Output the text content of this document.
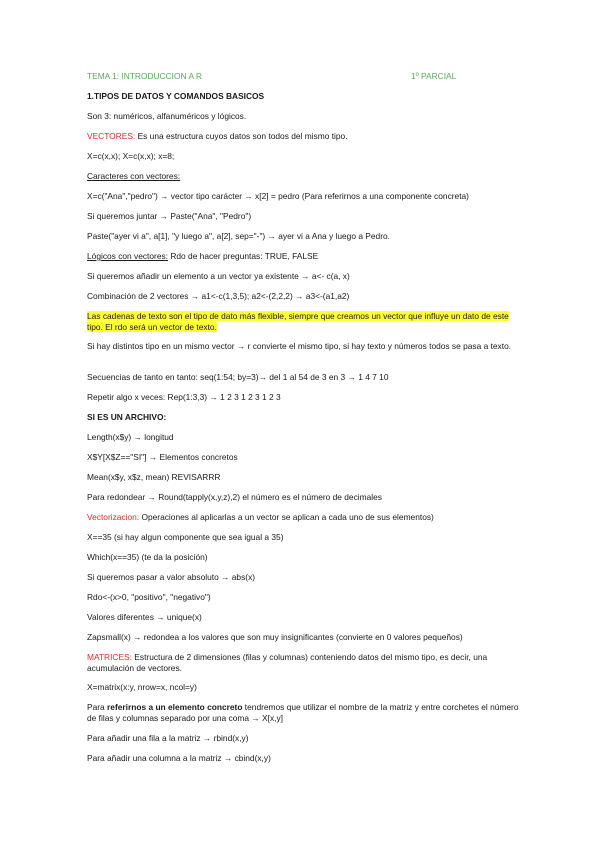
TEMA 1: INTRODUCCION A R	1º PARCIAL
1.TIPOS DE DATOS Y COMANDOS BASICOS
Son 3: numéricos, alfanuméricos y lógicos.
VECTORES: Es una estructura cuyos datos son todos del mismo tipo.
X=c(x,x); X=c(x,x); x=8;
Caracteres con vectores:
X=c("Ana","pedro") → vector tipo carácter → x[2] = pedro (Para referirnos a una componente concreta)
Si queremos juntar → Paste("Ana", "Pedro")
Paste("ayer vi a", a[1], "y luego a", a[2], sep="-") → ayer vi a Ana y luego a Pedro.
Lógicos con vectores: Rdo de hacer preguntas: TRUE, FALSE
Si queremos añadir un elemento a un vector ya existente → a<- c(a, x)
Combinación de 2 vectores → a1<-c(1,3,5); a2<-(2,2,2) → a3<-(a1,a2)
Las cadenas de texto son el tipo de dato más flexible, siempre que creamos un vector que influye un dato de este tipo. El rdo será un vector de texto.
Si hay distintos tipo en un mismo vector → r convierte el mismo tipo, si hay texto y números todos se pasa a texto.
Secuencias de tanto en tanto: seq(1:54; by=3)→ del 1 al 54 de 3 en 3 → 1 4 7 10
Repetir algo x veces: Rep(1:3,3) → 1 2 3 1 2 3 1 2 3
SI ES UN ARCHIVO:
Length(x$y) → longitud
X$Y[X$Z=="SI"] → Elementos concretos
Mean(x$y, x$z, mean) REVISARRR
Para redondear → Round(tapply(x,y,z),2) el número es el número de decimales
Vectorizacion: Operaciones al aplicarlas a un vector se aplican a cada uno de sus elementos)
X==35 (si hay algun componente que sea igual a 35)
Which(x==35) (te da la posición)
Si queremos pasar a valor absoluto → abs(x)
Rdo<-(x>0, "positivo", "negativo")
Valores diferentes → unique(x)
Zapsmall(x) → redondea a los valores que son muy insignificantes (convierte en 0 valores pequeños)
MATRICES: Estructura de 2 dimensiones (filas y columnas) conteniendo datos del mismo tipo, es decir, una acumulación de vectores.
X=matrix(x:y, nrow=x, ncol=y)
Para referirnos a un elemento concreto tendremos que utilizar el nombre de la matriz y entre corchetes el número de filas y columnas separado por una coma → X[x,y]
Para añadir una fila a la matriz → rbind(x,y)
Para añadir una columna a la matriz → cbind(x,y)
